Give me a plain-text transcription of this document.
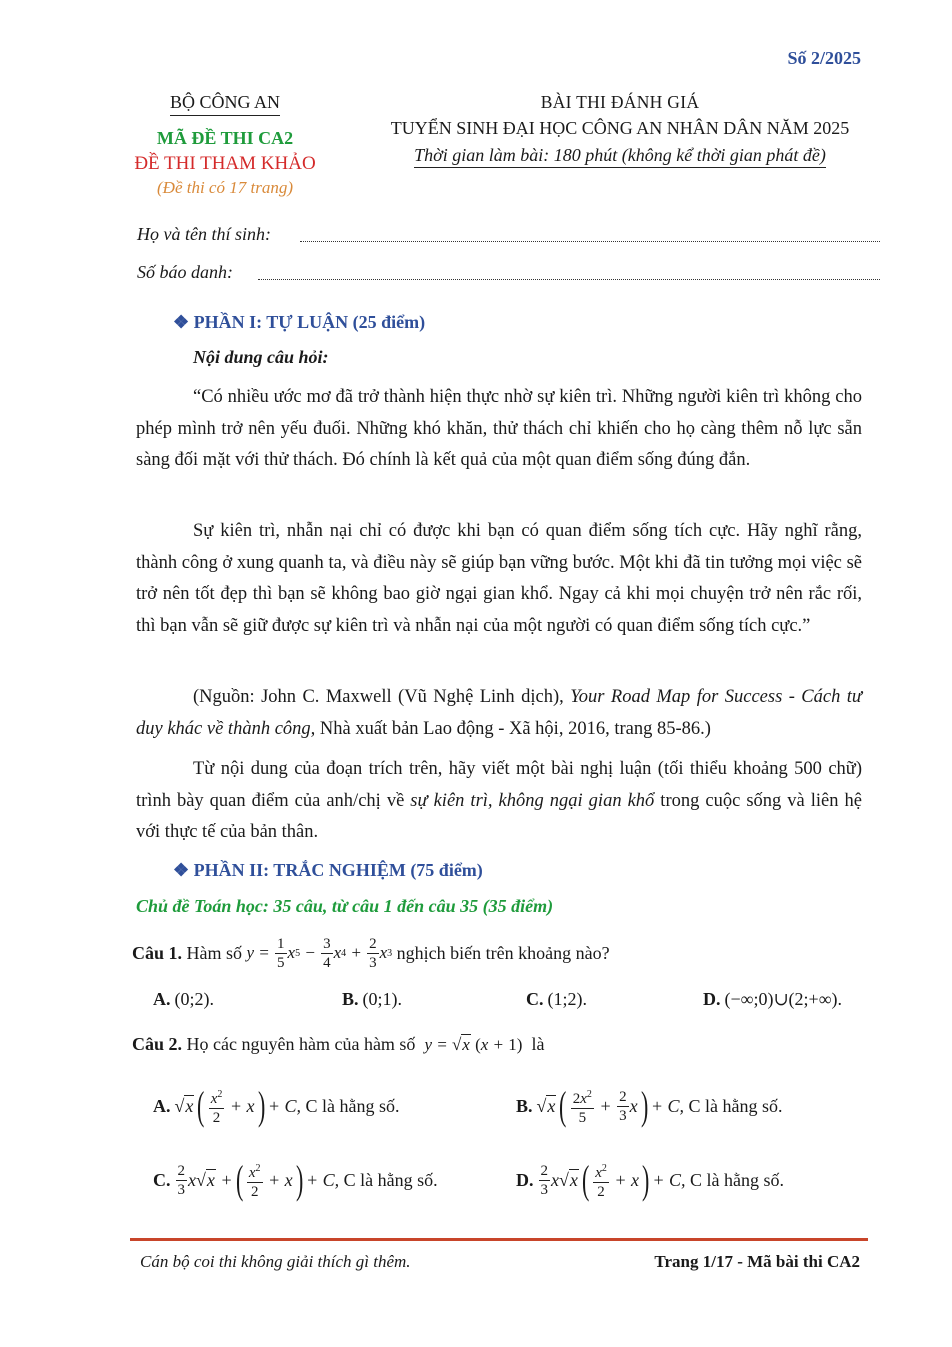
Số 2/2025
BỘ CÔNG AN
MÃ ĐỀ THI CA2
ĐỀ THI THAM KHẢO
(Đề thi có 17 trang)
BÀI THI ĐÁNH GIÁ
TUYỂN SINH ĐẠI HỌC CÔNG AN NHÂN DÂN NĂM 2025
Thời gian làm bài: 180 phút (không kể thời gian phát đề)
Họ và tên thí sinh:
Số báo danh:
❖ PHẦN I: TỰ LUẬN (25 điểm)
Nội dung câu hỏi:
“Có nhiều ước mơ đã trở thành hiện thực nhờ sự kiên trì. Những người kiên trì không cho phép mình trở nên yếu đuối. Những khó khăn, thử thách chỉ khiến cho họ càng thêm nỗ lực sẵn sàng đối mặt với thử thách. Đó chính là kết quả của một quan điểm sống đúng đắn.
Sự kiên trì, nhẫn nại chỉ có được khi bạn có quan điểm sống tích cực. Hãy nghĩ rằng, thành công ở xung quanh ta, và điều này sẽ giúp bạn vững bước. Một khi đã tin tưởng mọi việc sẽ trở nên tốt đẹp thì bạn sẽ không bao giờ ngại gian khổ. Ngay cả khi mọi chuyện trở nên rắc rối, thì bạn vẫn sẽ giữ được sự kiên trì và nhẫn nại của một người có quan điểm sống tích cực.”
(Nguồn: John C. Maxwell (Vũ Nghệ Linh dịch), Your Road Map for Success - Cách tư duy khác về thành công, Nhà xuất bản Lao động - Xã hội, 2016, trang 85-86.)
Từ nội dung của đoạn trích trên, hãy viết một bài nghị luận (tối thiểu khoảng 500 chữ) trình bày quan điểm của anh/chị về sự kiên trì, không ngại gian khổ trong cuộc sống và liên hệ với thực tế của bản thân.
❖ PHẦN II: TRẮC NGHIỆM (75 điểm)
Chủ đề Toán học: 35 câu, từ câu 1 đến câu 35 (35 điểm)
Câu 1.
Hàm số
$y = \frac{1}{5}$ x $5 - \frac{3}{4}$ x $4 + \frac{2}{3}$ x 3
nghịch biến trên khoảng nào?
A. (0;2).	B. (0;1).	C. (1;2).	D. (−∞;0)∪(2;+∞).
Câu 2.
Họ các nguyên hàm của hàm số
y = √x (x + 1)
là
A. √ x ( $\frac{x^2}{2} + x$ ) + C, C là hằng số.	B. √ x ( $\frac{2x^2}{5} + \frac{2}{3}$ x ) + C, C là hằng số.
C. $\frac{2}{3} x√$ x + ( $\frac{x^2}{2} + x$ ) + C, C là hằng số.	D. $\frac{2}{3} x√$ x ( $\frac{x^2}{2} + x$ ) + C, C là hằng số.
Cán bộ coi thi không giải thích gì thêm.	Trang 1/17 - Mã bài thi CA2
